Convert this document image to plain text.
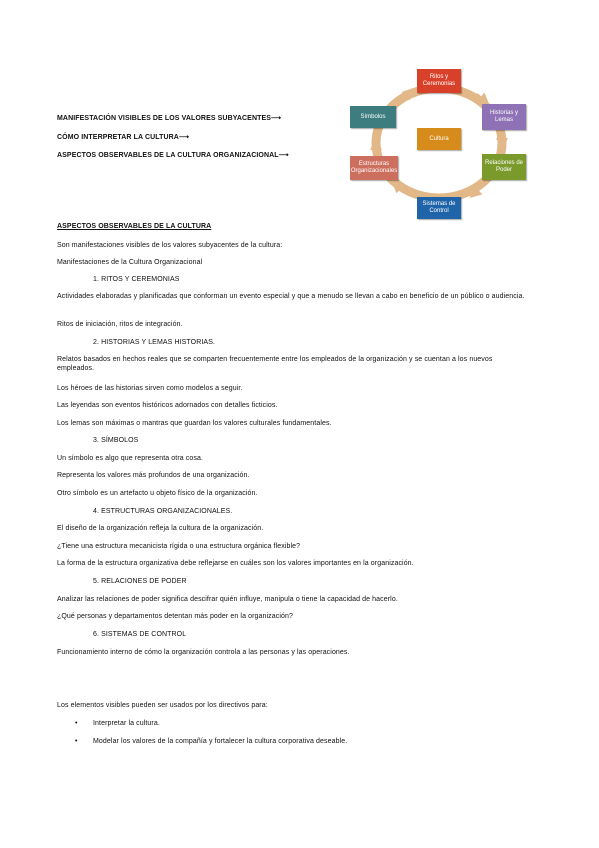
MANIFESTACIÓN VISIBLES DE LOS VALORES SUBYACENTES⟶
CÓMO INTERPRETAR LA CULTURA⟶
ASPECTOS OBSERVABLES DE LA CULTURA ORGANIZACIONAL⟶
Ritos y Ceremonias
Historias y Lemas
Relaciones de Poder
Sistemas de Control
Estructuras Organizacionales
Símbolos
Cultura
ASPECTOS OBSERVABLES DE LA CULTURA
Son manifestaciones visibles de los valores subyacentes de la cultura:
Manifestaciones de la Cultura Organizacional
1. RITOS Y CEREMONIAS
Actividades elaboradas y planificadas que conforman un evento especial y que a menudo se llevan a cabo en beneficio de un público o audiencia.
Ritos de iniciación, ritos de integración.
2. HISTORIAS Y LEMAS HISTORIAS.
Relatos basados en hechos reales que se comparten frecuentemente entre los empleados de la organización y se cuentan a los nuevos empleados.
Los héroes de las historias sirven como modelos a seguir.
Las leyendas son eventos históricos adornados con detalles ficticios.
Los lemas son máximas o mantras que guardan los valores culturales fundamentales.
3. SÍMBOLOS
Un símbolo es algo que representa otra cosa.
Representa los valores más profundos de una organización.
Otro símbolo es un artefacto u objeto físico de la organización.
4. ESTRUCTURAS ORGANIZACIONALES.
El diseño de la organización refleja la cultura de la organización.
¿Tiene una estructura mecanicista rígida o una estructura orgánica flexible?
La forma de la estructura organizativa debe reflejarse en cuáles son los valores importantes en la organización.
5. RELACIONES DE PODER
Analizar las relaciones de poder significa descifrar quién influye, manipula o tiene la capacidad de hacerlo.
¿Qué personas y departamentos detentan más poder en la organización?
6. SISTEMAS DE CONTROL
Funcionamiento interno de cómo la organización controla a las personas y las operaciones.
Los elementos visibles pueden ser usados por los directivos para:
• Interpretar la cultura.
• Modelar los valores de la compañía y fortalecer la cultura corporativa deseable.
